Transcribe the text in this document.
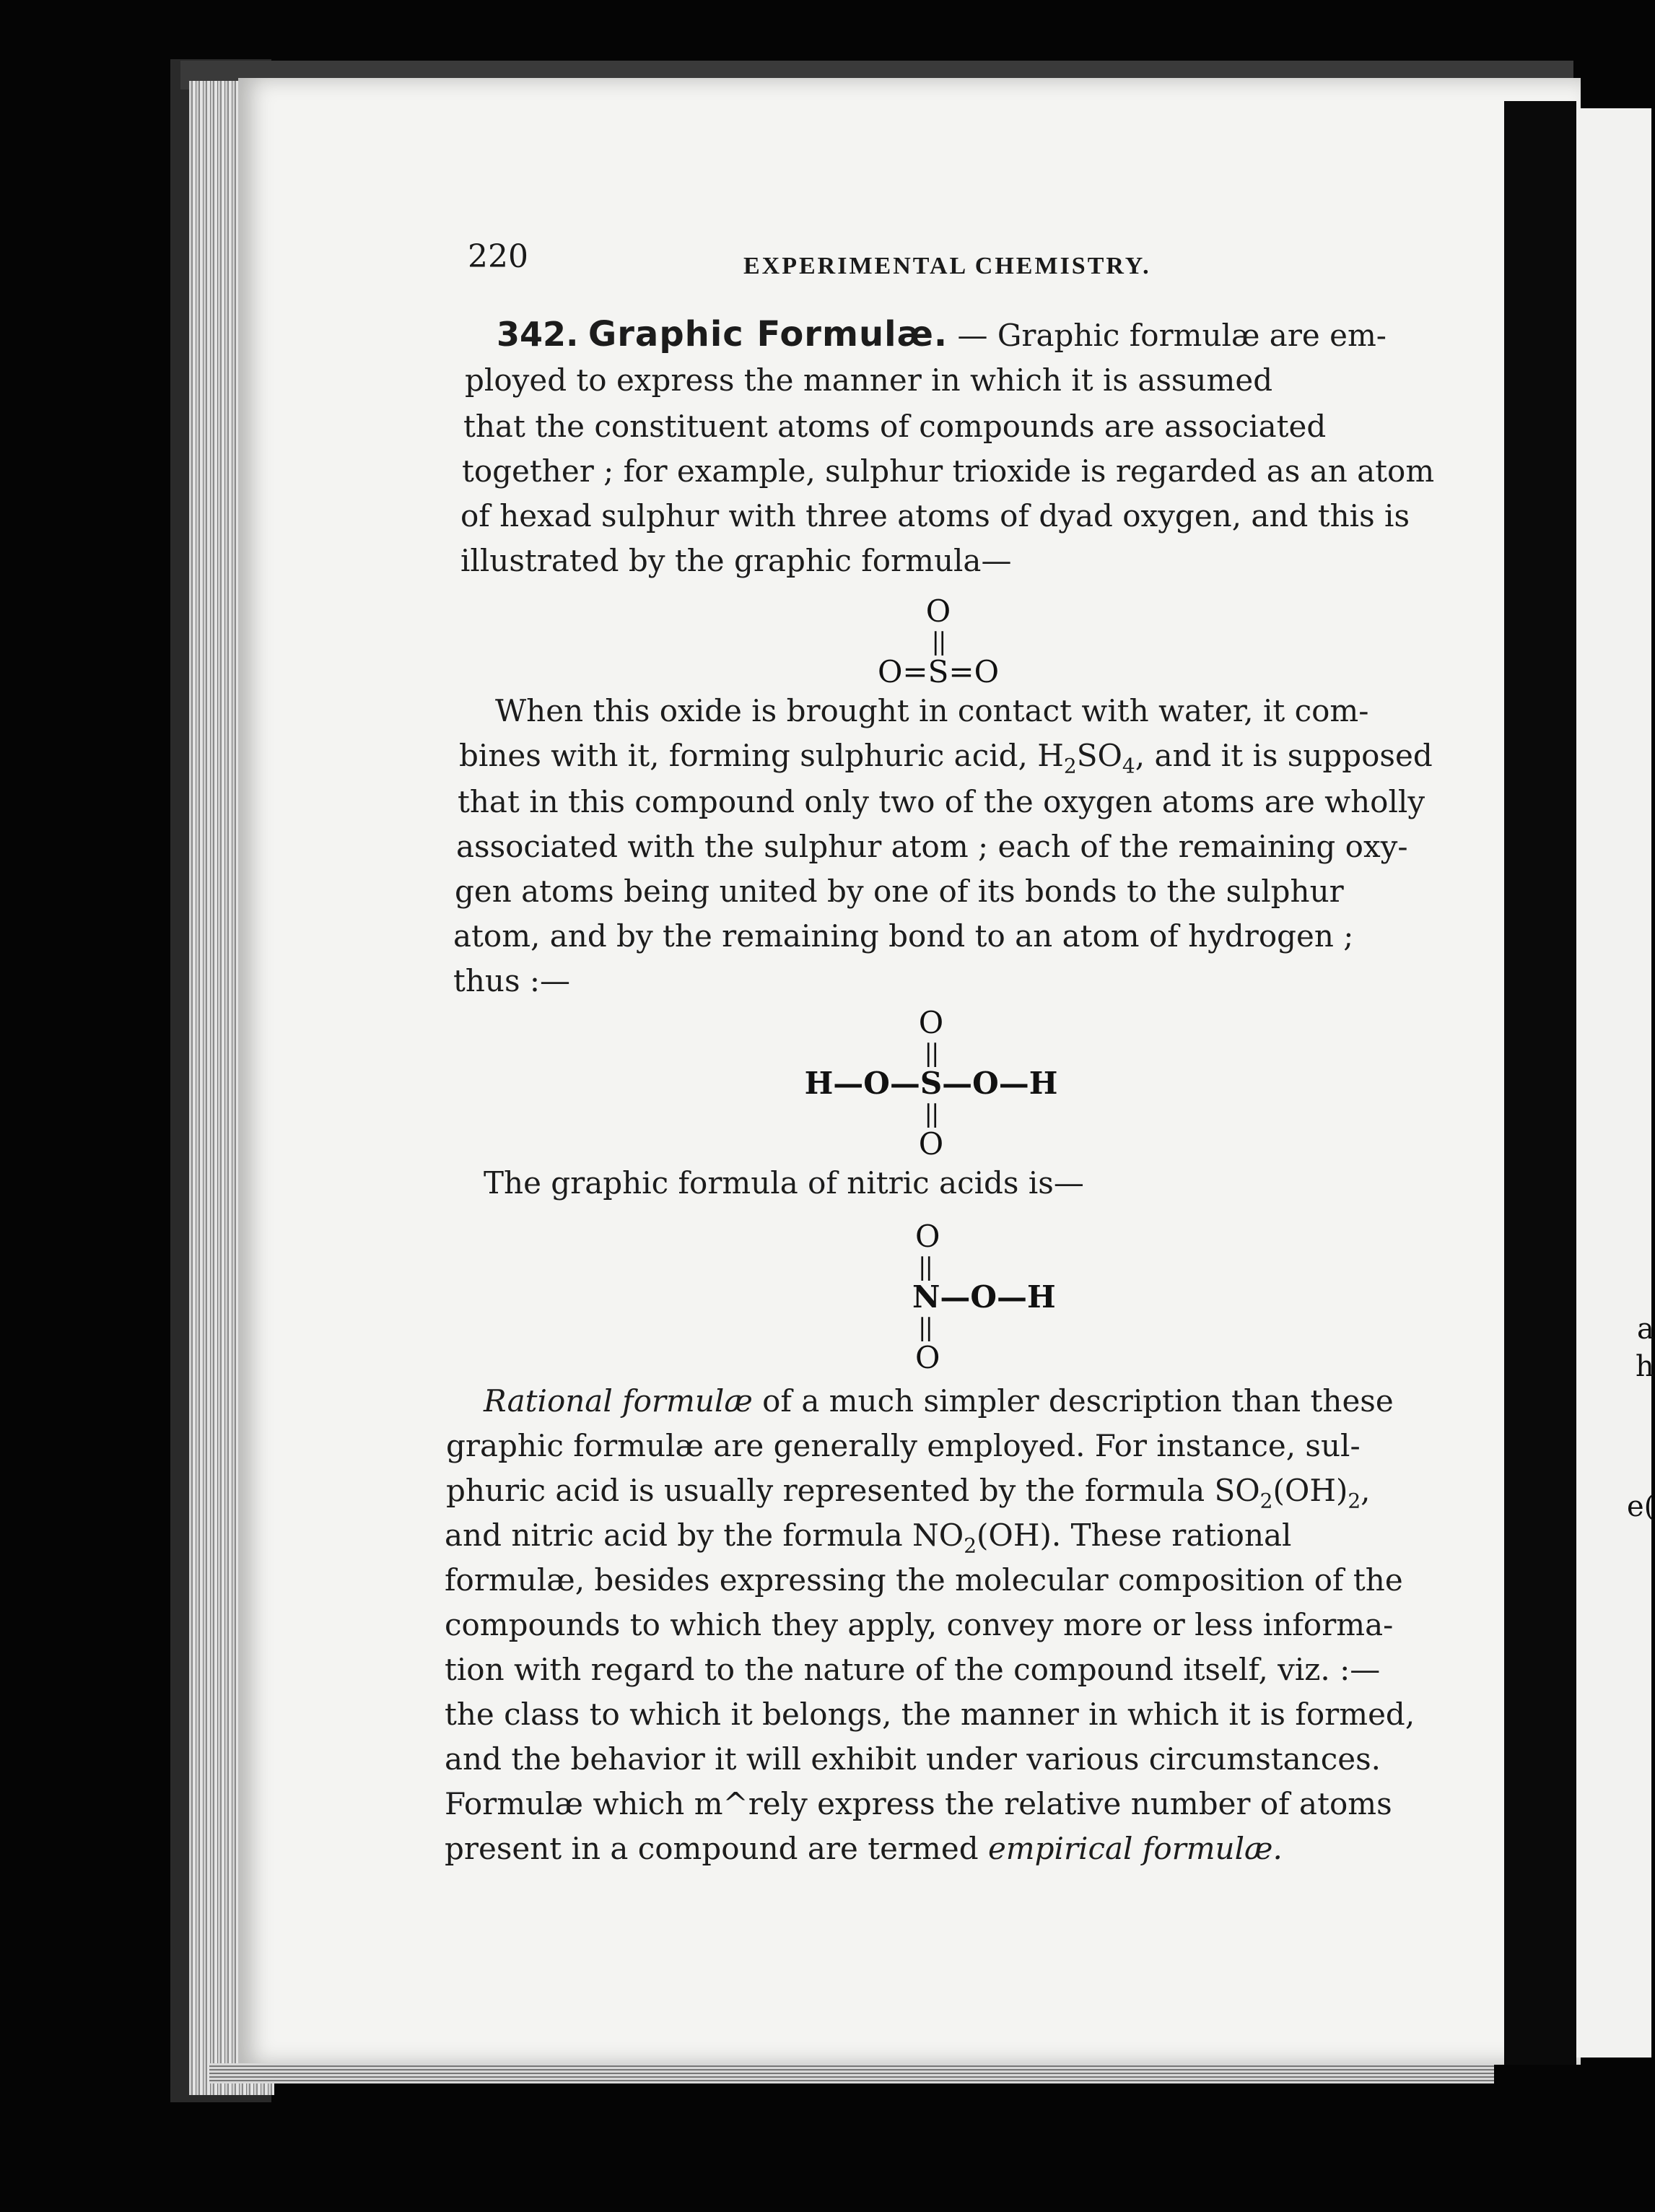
a
h
e(
220	EXPERIMENTAL CHEMISTRY.
342. Graphic Formulæ. — Graphic formulæ are em-
ployed to express the manner in which it is assumed
that the constituent atoms of compounds are associated
together ; for example, sulphur trioxide is regarded as an atom
of hexad sulphur with three atoms of dyad oxygen, and this is
illustrated by the graphic formula—
O
||
O=S=O
When this oxide is brought in contact with water, it com-
bines with it, forming sulphuric acid, $H_2SO_4$, and it is supposed
that in this compound only two of the oxygen atoms are wholly
associated with the sulphur atom ; each of the remaining oxy-
gen atoms being united by one of its bonds to the sulphur
atom, and by the remaining bond to an atom of hydrogen ;
thus :—
O
||
H—O—S—O—H
||
O
The graphic formula of nitric acids is—
O
||
N—O—H
||
O
Rational formulæ of a much simpler description than these
graphic formulæ are generally employed. For instance, sul-
phuric acid is usually represented by the formula $SO_2(OH)_2$,
and nitric acid by the formula $NO_2(OH)$. These rational
formulæ, besides expressing the molecular composition of the
compounds to which they apply, convey more or less informa-
tion with regard to the nature of the compound itself, viz. :—
the class to which it belongs, the manner in which it is formed,
and the behavior it will exhibit under various circumstances.
Formulæ which m^rely express the relative number of atoms
present in a compound are termed empirical formulæ.
